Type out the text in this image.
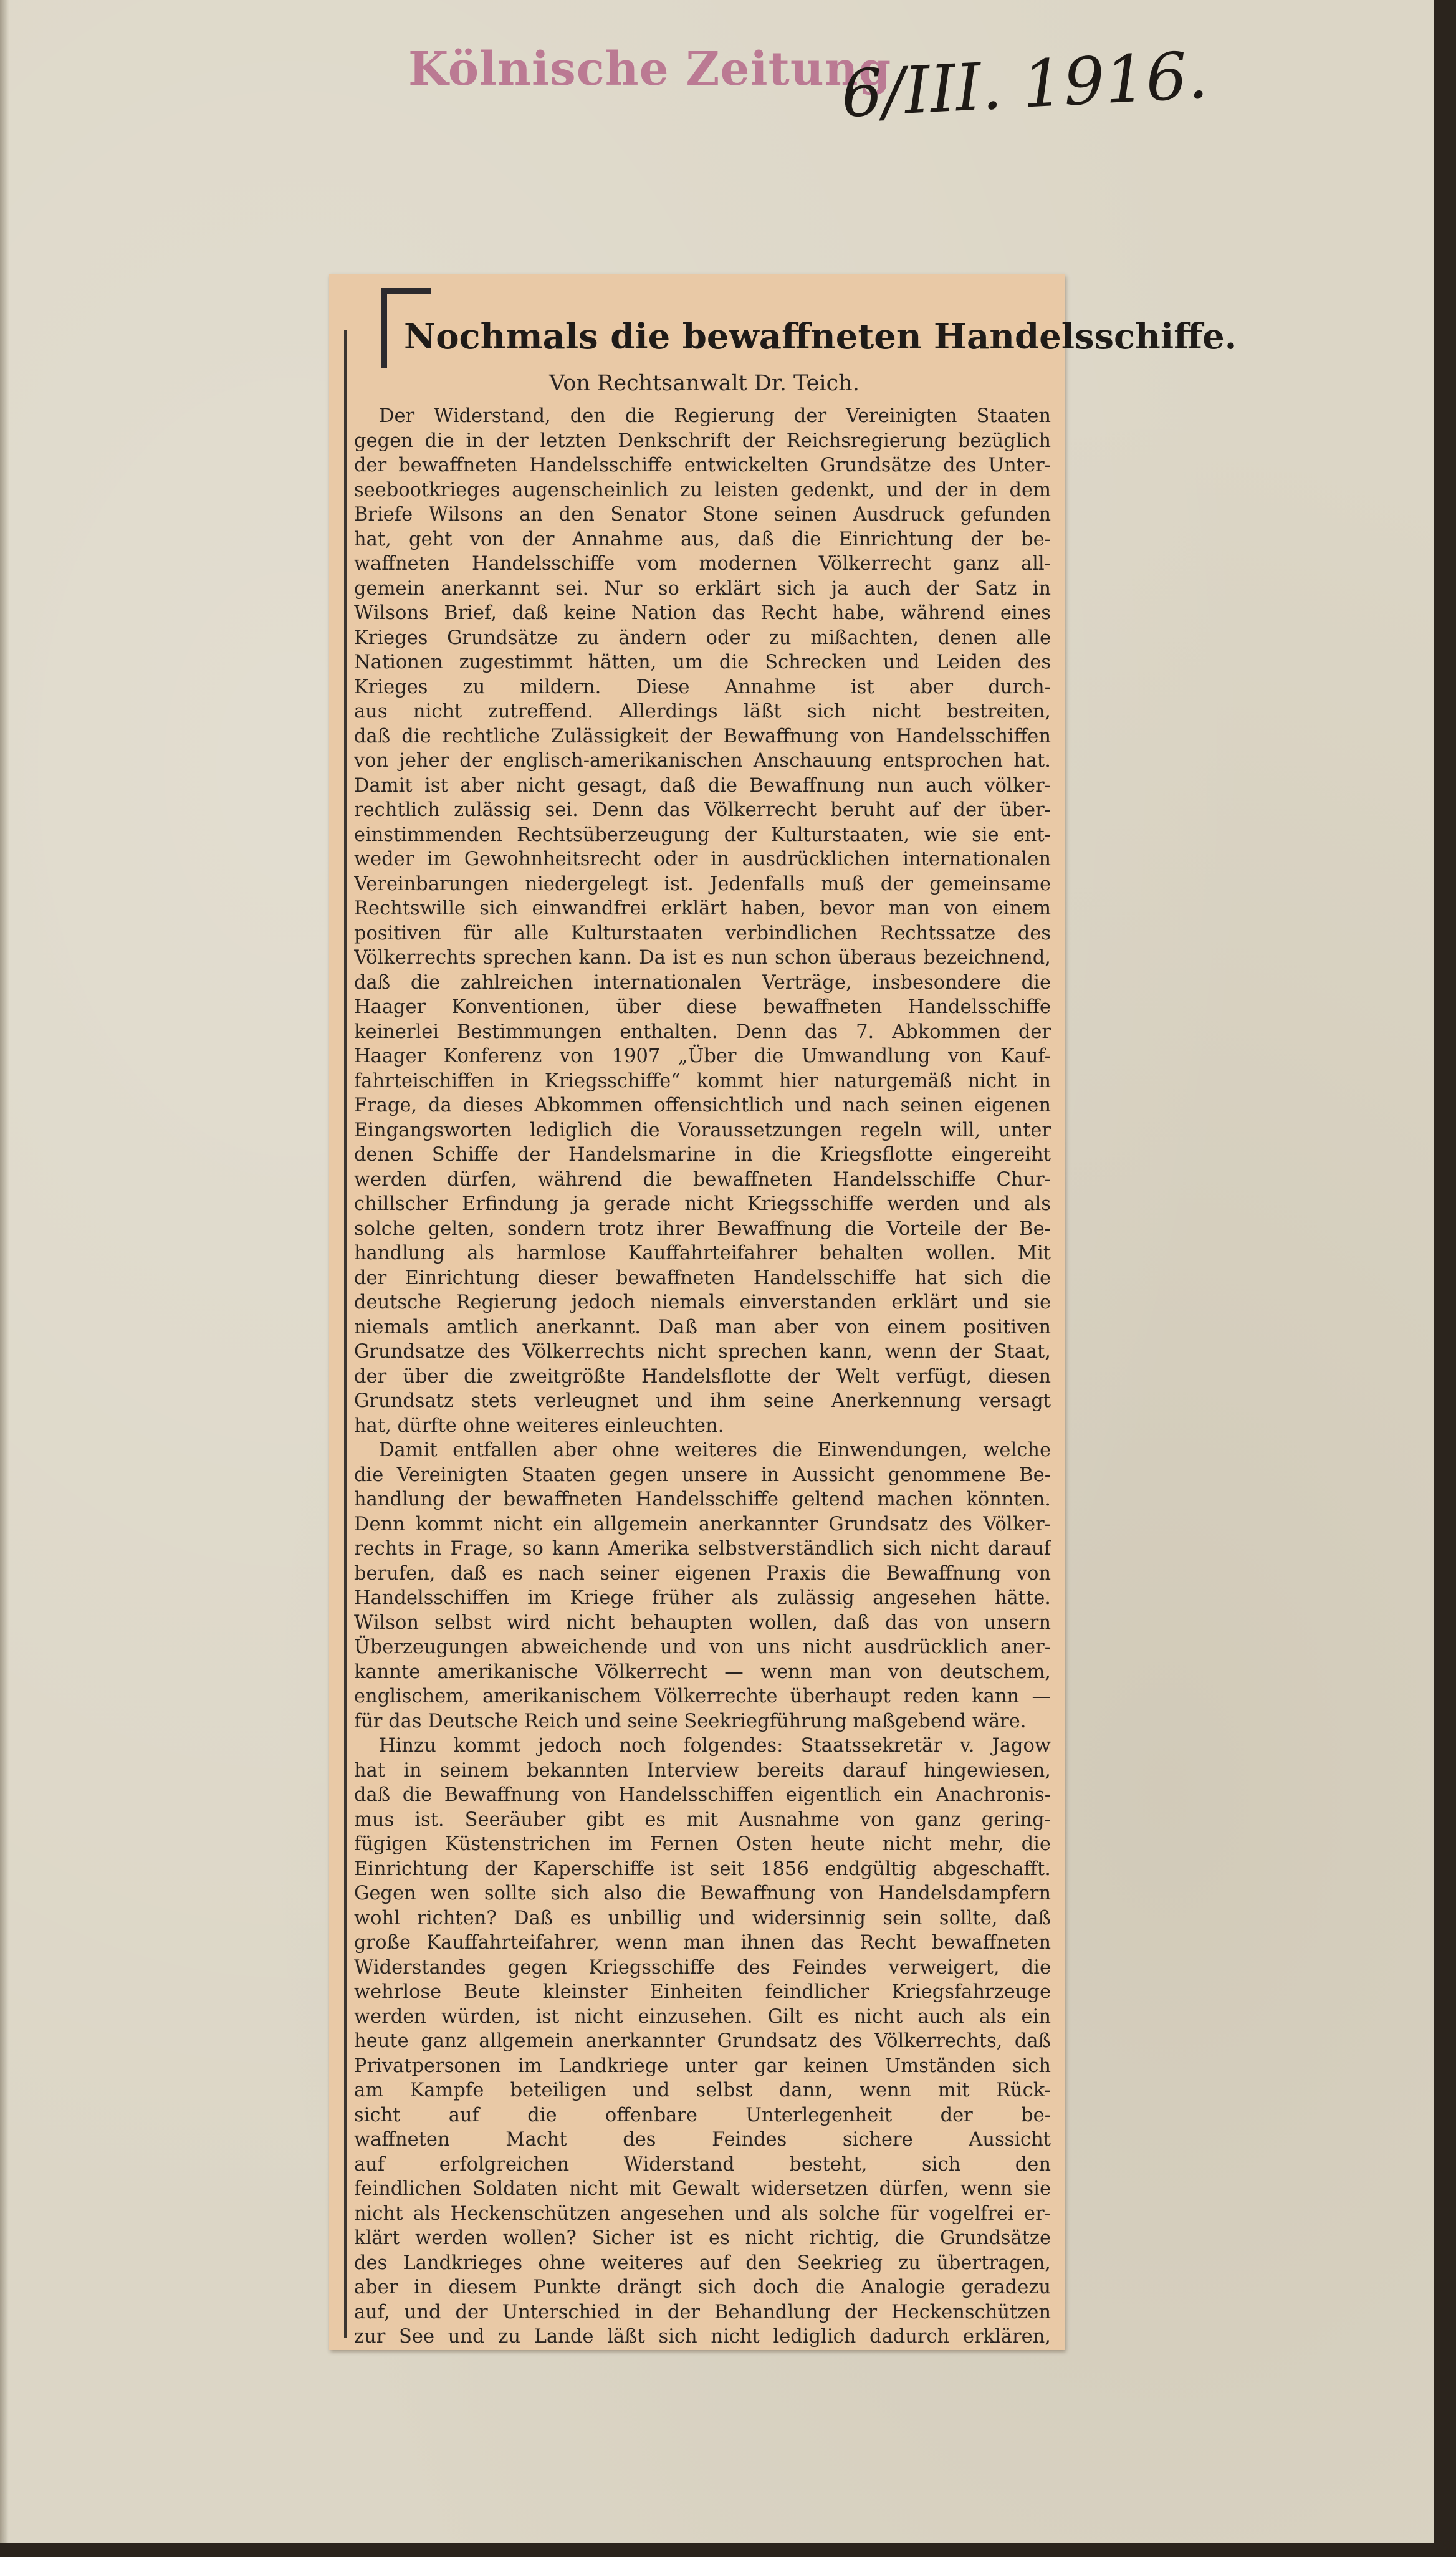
Kölnische Zeitung
6/III. 1916.
Nochmals die bewaffneten Handelsschiffe.
Von Rechtsanwalt Dr. Teich.
Der Widerstand, den die Regierung der Vereinigten Staaten
gegen die in der letzten Denkschrift der Reichsregierung bezüglich
der bewaffneten Handelsschiffe entwickelten Grundsätze des Unter-
seebootkrieges augenscheinlich zu leisten gedenkt, und der in dem
Briefe Wilsons an den Senator Stone seinen Ausdruck gefunden
hat, geht von der Annahme aus, daß die Einrichtung der be-
waffneten Handelsschiffe vom modernen Völkerrecht ganz all-
gemein anerkannt sei. Nur so erklärt sich ja auch der Satz in
Wilsons Brief, daß keine Nation das Recht habe, während eines
Krieges Grundsätze zu ändern oder zu mißachten, denen alle
Nationen zugestimmt hätten, um die Schrecken und Leiden des
Krieges zu mildern. Diese Annahme ist aber durch-
aus nicht zutreffend. Allerdings läßt sich nicht bestreiten,
daß die rechtliche Zulässigkeit der Bewaffnung von Handelsschiffen
von jeher der englisch-amerikanischen Anschauung entsprochen hat.
Damit ist aber nicht gesagt, daß die Bewaffnung nun auch völker-
rechtlich zulässig sei. Denn das Völkerrecht beruht auf der über-
einstimmenden Rechtsüberzeugung der Kulturstaaten, wie sie ent-
weder im Gewohnheitsrecht oder in ausdrücklichen internationalen
Vereinbarungen niedergelegt ist. Jedenfalls muß der gemeinsame
Rechtswille sich einwandfrei erklärt haben, bevor man von einem
positiven für alle Kulturstaaten verbindlichen Rechtssatze des
Völkerrechts sprechen kann. Da ist es nun schon überaus bezeichnend,
daß die zahlreichen internationalen Verträge, insbesondere die
Haager Konventionen, über diese bewaffneten Handelsschiffe
keinerlei Bestimmungen enthalten. Denn das 7. Abkommen der
Haager Konferenz von 1907 „Über die Umwandlung von Kauf-
fahrteischiffen in Kriegsschiffe“ kommt hier naturgemäß nicht in
Frage, da dieses Abkommen offensichtlich und nach seinen eigenen
Eingangsworten lediglich die Voraussetzungen regeln will, unter
denen Schiffe der Handelsmarine in die Kriegsflotte eingereiht
werden dürfen, während die bewaffneten Handelsschiffe Chur-
chillscher Erfindung ja gerade nicht Kriegsschiffe werden und als
solche gelten, sondern trotz ihrer Bewaffnung die Vorteile der Be-
handlung als harmlose Kauffahrteifahrer behalten wollen. Mit
der Einrichtung dieser bewaffneten Handelsschiffe hat sich die
deutsche Regierung jedoch niemals einverstanden erklärt und sie
niemals amtlich anerkannt. Daß man aber von einem positiven
Grundsatze des Völkerrechts nicht sprechen kann, wenn der Staat,
der über die zweitgrößte Handelsflotte der Welt verfügt, diesen
Grundsatz stets verleugnet und ihm seine Anerkennung versagt
hat, dürfte ohne weiteres einleuchten.
Damit entfallen aber ohne weiteres die Einwendungen, welche
die Vereinigten Staaten gegen unsere in Aussicht genommene Be-
handlung der bewaffneten Handelsschiffe geltend machen könnten.
Denn kommt nicht ein allgemein anerkannter Grundsatz des Völker-
rechts in Frage, so kann Amerika selbstverständlich sich nicht darauf
berufen, daß es nach seiner eigenen Praxis die Bewaffnung von
Handelsschiffen im Kriege früher als zulässig angesehen hätte.
Wilson selbst wird nicht behaupten wollen, daß das von unsern
Überzeugungen abweichende und von uns nicht ausdrücklich aner-
kannte amerikanische Völkerrecht — wenn man von deutschem,
englischem, amerikanischem Völkerrechte überhaupt reden kann —
für das Deutsche Reich und seine Seekriegführung maßgebend wäre.
Hinzu kommt jedoch noch folgendes: Staatssekretär v. Jagow
hat in seinem bekannten Interview bereits darauf hingewiesen,
daß die Bewaffnung von Handelsschiffen eigentlich ein Anachronis-
mus ist. Seeräuber gibt es mit Ausnahme von ganz gering-
fügigen Küstenstrichen im Fernen Osten heute nicht mehr, die
Einrichtung der Kaperschiffe ist seit 1856 endgültig abgeschafft.
Gegen wen sollte sich also die Bewaffnung von Handelsdampfern
wohl richten? Daß es unbillig und widersinnig sein sollte, daß
große Kauffahrteifahrer, wenn man ihnen das Recht bewaffneten
Widerstandes gegen Kriegsschiffe des Feindes verweigert, die
wehrlose Beute kleinster Einheiten feindlicher Kriegsfahrzeuge
werden würden, ist nicht einzusehen. Gilt es nicht auch als ein
heute ganz allgemein anerkannter Grundsatz des Völkerrechts, daß
Privatpersonen im Landkriege unter gar keinen Umständen sich
am Kampfe beteiligen und selbst dann, wenn mit Rück-
sicht auf die offenbare Unterlegenheit der be-
waffneten Macht des Feindes sichere Aussicht
auf erfolgreichen Widerstand besteht, sich den
feindlichen Soldaten nicht mit Gewalt widersetzen dürfen, wenn sie
nicht als Heckenschützen angesehen und als solche für vogelfrei er-
klärt werden wollen? Sicher ist es nicht richtig, die Grundsätze
des Landkrieges ohne weiteres auf den Seekrieg zu übertragen,
aber in diesem Punkte drängt sich doch die Analogie geradezu
auf, und der Unterschied in der Behandlung der Heckenschützen
zur See und zu Lande läßt sich nicht lediglich dadurch erklären,
